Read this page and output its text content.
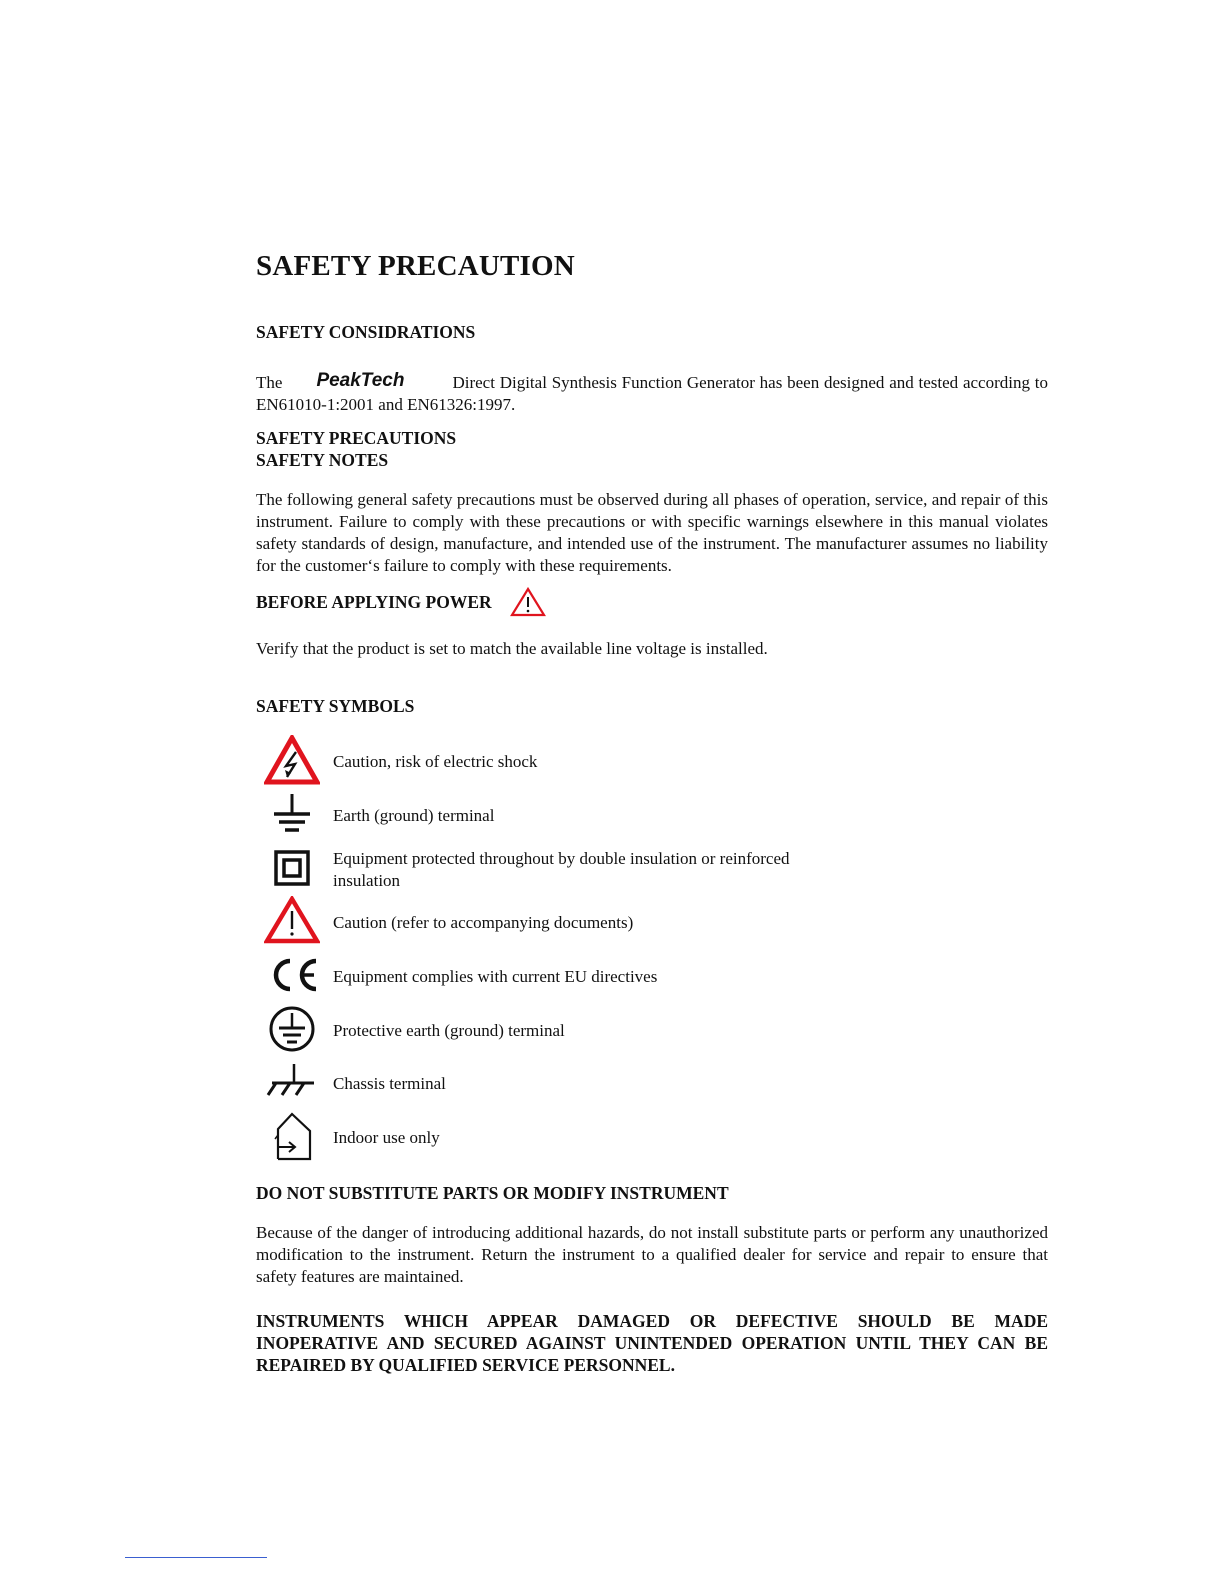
SAFETY PRECAUTION
SAFETY CONSIDRATIONS

The PeakTech	Direct Digital Synthesis Function Generator has been designed and tested according to EN61010-1:2001 and EN61326:1997.

SAFETY PRECAUTIONS
SAFETY NOTES

The following general safety precautions must be observed during all phases of operation, service, and repair of this instrument. Failure to comply with these precautions or with specific warnings elsewhere in this manual violates safety standards of design, manufacture, and intended use of the instrument. The manufacturer assumes no liability for the customer‘s failure to comply with these requirements.

BEFORE APPLYING POWER

Verify that the product is set to match the available line voltage is installed.

SAFETY SYMBOLS
Caution, risk of electric shock
Earth (ground) terminal
Equipment protected throughout by double insulation or reinforced insulation
Caution (refer to accompanying documents)
Equipment complies with current EU directives
Protective earth (ground) terminal
Chassis terminal
Indoor use only
DO NOT SUBSTITUTE PARTS OR MODIFY INSTRUMENT

Because of the danger of introducing additional hazards, do not install substitute parts or perform any unauthorized modification to the instrument. Return the instrument to a qualified dealer for service and repair to ensure that safety features are maintained.

INSTRUMENTS WHICH APPEAR DAMAGED OR DEFECTIVE SHOULD BE MADE INOPERATIVE AND SECURED AGAINST UNINTENDED OPERATION UNTIL THEY CAN BE REPAIRED BY QUALIFIED SERVICE PERSONNEL.
